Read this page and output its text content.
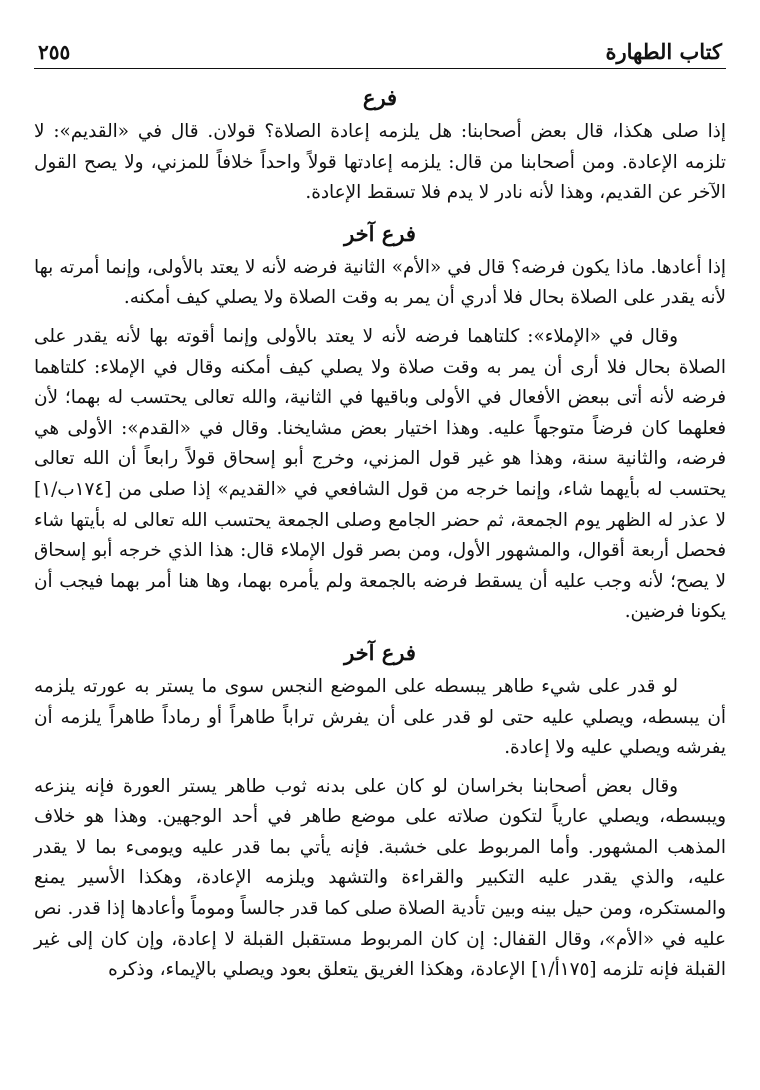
كتاب الطهارة
٢٥٥
فرع

إذا صلى هكذا، قال بعض أصحابنا: هل يلزمه إعادة الصلاة؟ قولان. قال في «القديم»: لا تلزمه الإعادة. ومن أصحابنا من قال: يلزمه إعادتها قولاً واحداً خلافاً للمزني، ولا يصح القول الآخر عن القديم، وهذا لأنه نادر لا يدم فلا تسقط الإعادة.

فرع آخر

إذا أعادها. ماذا يكون فرضه؟ قال في «الأم» الثانية فرضه لأنه لا يعتد بالأولى، وإنما أمرته بها لأنه يقدر على الصلاة بحال فلا أدري أن يمر به وقت الصلاة ولا يصلي كيف أمكنه.

وقال في «الإملاء»: كلتاهما فرضه لأنه لا يعتد بالأولى وإنما أقوته بها لأنه يقدر على الصلاة بحال فلا أرى أن يمر به وقت صلاة ولا يصلي كيف أمكنه وقال في الإملاء: كلتاهما فرضه لأنه أتى ببعض الأفعال في الأولى وباقيها في الثانية، والله تعالى يحتسب له بهما؛ لأن فعلهما كان فرضاً متوجهاً عليه. وهذا اختيار بعض مشايخنا. وقال في «القدم»: الأولى هي فرضه، والثانية سنة، وهذا هو غير قول المزني، وخرج أبو إسحاق قولاً رابعاً أن الله تعالى يحتسب له بأيهما شاء، وإنما خرجه من قول الشافعي في «القديم» إذا صلى من [١٧٤ب/١] لا عذر له الظهر يوم الجمعة، ثم حضر الجامع وصلى الجمعة يحتسب الله تعالى له بأيتها شاء فحصل أربعة أقوال، والمشهور الأول، ومن بصر قول الإملاء قال: هذا الذي خرجه أبو إسحاق لا يصح؛ لأنه وجب عليه أن يسقط فرضه بالجمعة ولم يأمره بهما، وها هنا أمر بهما فيجب أن يكونا فرضين.

فرع آخر

لو قدر على شيء طاهر يبسطه على الموضع النجس سوى ما يستر به عورته يلزمه أن يبسطه، ويصلي عليه حتى لو قدر على أن يفرش تراباً طاهراً أو رماداً طاهراً يلزمه أن يفرشه ويصلي عليه ولا إعادة.

وقال بعض أصحابنا بخراسان لو كان على بدنه ثوب طاهر يستر العورة فإنه ينزعه ويبسطه، ويصلي عارياً لتكون صلاته على موضع طاهر في أحد الوجهين. وهذا هو خلاف المذهب المشهور. وأما المربوط على خشبة. فإنه يأتي بما قدر عليه ويومىء بما لا يقدر عليه، والذي يقدر عليه التكبير والقراءة والتشهد ويلزمه الإعادة، وهكذا الأسير يمنع والمستكره، ومن حيل بينه وبين تأدية الصلاة صلى كما قدر جالساً وموماً وأعادها إذا قدر. نص عليه في «الأم»، وقال القفال: إن كان المربوط مستقبل القبلة لا إعادة، وإن كان إلى غير القبلة فإنه تلزمه [١٧٥أ/١] الإعادة، وهكذا الغريق يتعلق بعود ويصلي بالإيماء، وذكره
